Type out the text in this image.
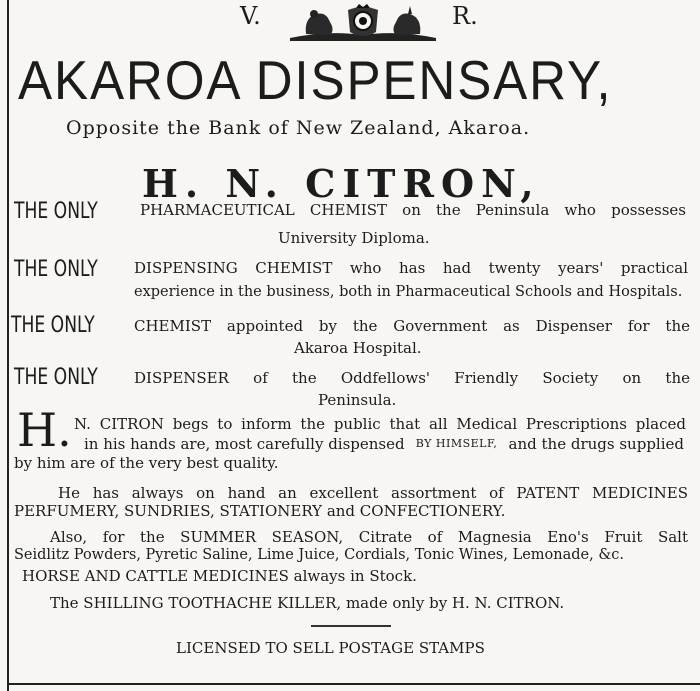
V.	R.
AKAROA DISPENSARY,
Opposite the Bank of New Zealand, Akaroa.
H. N. CITRON,
THE ONLY	PHARMACEUTICAL CHEMIST on the Peninsula who possesses
University Diploma.
THE ONLY DISPENSING CHEMIST who has had twenty years' practical
experience in the business, both in Pharmaceutical Schools and Hospitals.
THE ONLY	CHEMIST appointed by the Government as Dispenser for the
Akaroa Hospital.
THE ONLY DISPENSER of the Oddfellows' Friendly Society on the
Peninsula.
H. N. CITRON begs to inform the public that all Medical Prescriptions placed
in his hands are, most carefully dispensed BY HIMSELF, and the drugs supplied
by him are of the very best quality.
He has always on hand an excellent assortment of PATENT MEDICINES
PERFUMERY, SUNDRIES, STATIONERY and CONFECTIONERY.
Also, for the SUMMER SEASON, Citrate of Magnesia Eno's Fruit Salt
Seidlitz Powders, Pyretic Saline, Lime Juice, Cordials, Tonic Wines, Lemonade, &c.
HORSE AND CATTLE MEDICINES always in Stock.
The SHILLING TOOTHACHE KILLER, made only by H. N. CITRON.
LICENSED TO SELL POSTAGE STAMPS
